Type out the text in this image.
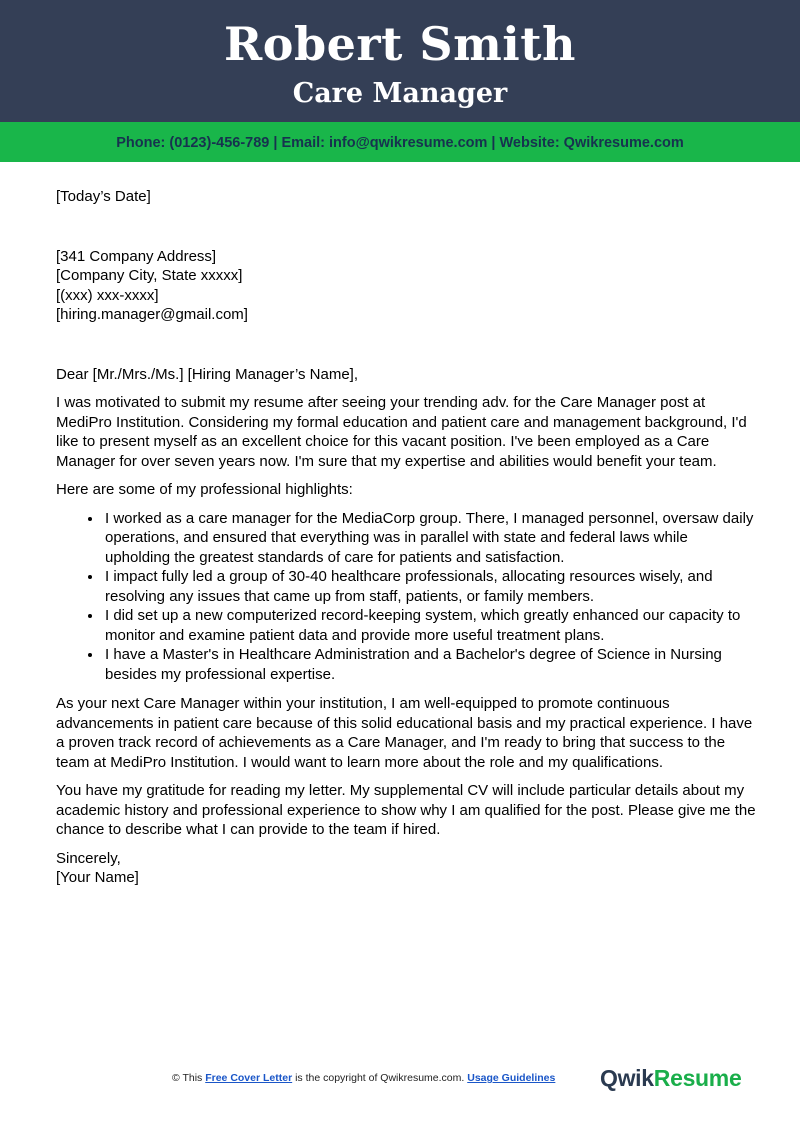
Robert Smith
Care Manager
Phone: (0123)-456-789 | Email: info@qwikresume.com | Website: Qwikresume.com

[Today’s Date]

[341 Company Address]

[Company City, State xxxxx]

[(xxx) xxx-xxxx]

[hiring.manager@gmail.com]

Dear [Mr./Mrs./Ms.] [Hiring Manager’s Name],

I was motivated to submit my resume after seeing your trending adv. for the Care Manager post at MediPro Institution. Considering my formal education and patient care and management background, I'd like to present myself as an excellent choice for this vacant position. I've been employed as a Care Manager for over seven years now. I'm sure that my expertise and abilities would benefit your team.

Here are some of my professional highlights:

• I worked as a care manager for the MediaCorp group. There, I managed personnel, oversaw daily operations, and ensured that everything was in parallel with state and federal laws while upholding the greatest standards of care for patients and satisfaction.
• I impact fully led a group of 30-40 healthcare professionals, allocating resources wisely, and resolving any issues that came up from staff, patients, or family members.
• I did set up a new computerized record-keeping system, which greatly enhanced our capacity to monitor and examine patient data and provide more useful treatment plans.
• I have a Master's in Healthcare Administration and a Bachelor's degree of Science in Nursing besides my professional expertise.

As your next Care Manager within your institution, I am well-equipped to promote continuous advancements in patient care because of this solid educational basis and my practical experience. I have a proven track record of achievements as a Care Manager, and I'm ready to bring that success to the team at MediPro Institution. I would want to learn more about the role and my qualifications.

You have my gratitude for reading my letter. My supplemental CV will include particular details about my academic history and professional experience to show why I am qualified for the post. Please give me the chance to describe what I can provide to the team if hired.

Sincerely,

[Your Name]

© This Free Cover Letter is the copyright of Qwikresume.com. Usage Guidelines QwikResume
